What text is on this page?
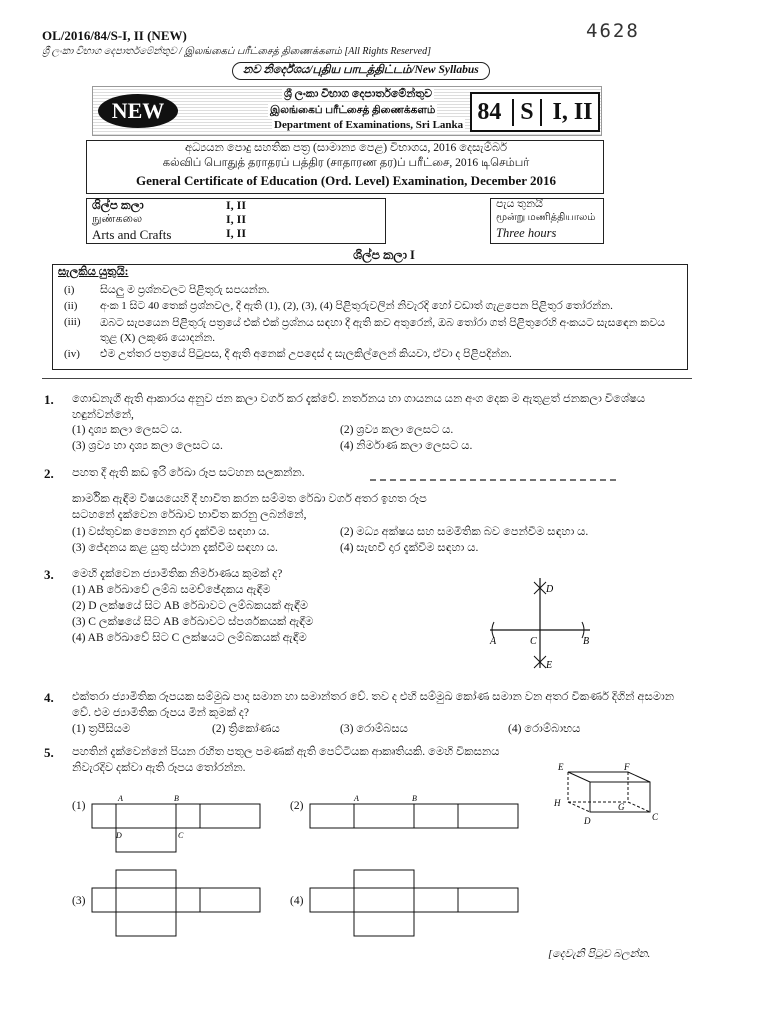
OL/2016/84/S-I, II (NEW)	4628
ශ්‍රී ලංකා විභාග දෙපාර්තමේන්තුව / இலங்கைப் பரீட்சைத் திணைக்களம் [All Rights Reserved]
නව නිර්දේශය/புதிய பாடத்திட்டம்/New Syllabus
NEW
ශ්‍රී ලංකා විභාග දෙපාර්තමේන්තුව
இலங்கைப் பரீட்சைத் திணைக்களம்
Department of Examinations, Sri Lanka
84 S I, II
අධ්‍යයන පොදු සහතික පත්‍ර (සාමාන්‍ය පෙළ) විභාගය, 2016 දෙසැම්බර්
கல்விப் பொதுத் தராதரப் பத்திர (சாதாரண தர)ப் பரீட்சை, 2016 டிசெம்பர்
General Certificate of Education (Ord. Level) Examination, December 2016
ශිල්ප කලා	I, II
நுண்கலை	I, II
Arts and Crafts	I, II
පැය තුනයි
மூன்று மணித்தியாலம்
Three hours
ශිල්ප කලා I
සැලකිය යුතුයි:
(i) සියලු ම ප්‍රශ්නවලට පිළිතුරු සපයන්න.
(ii) අංක 1 සිට 40 තෙක් ප්‍රශ්නවල, දී ඇති (1), (2), (3), (4) පිළිතුරුවලින් නිවැරදි හෝ වඩාත් ගැළපෙන පිළිතුර තෝරන්න.
(iii) ඔබට සැපයෙන පිළිතුරු පත්‍රයේ එක් එක් ප්‍රශ්නය සඳහා දී ඇති කව අතුරෙන්, ඔබ තෝරා ගත් පිළිතුරෙහි අංකයට සැසඳෙන කවය තුළ (X) ලකුණ යොදන්න.
(iv) එම උත්තර පත්‍රයේ පිටුපස, දී ඇති අනෙක් උපදෙස් ද සැලකිල්ලෙන් කියවා, ඒවා ද පිළිපදින්න.
1. ගොඩනැගී ඇති ආකාරය අනුව ජන කලා වර්ග කර දැක්වේ. නර්තනය හා ගායනය යන අංග දෙක ම ඇතුළත් ජනකලා විශේෂය හඳුන්වන්නේ,
(1) දෘශ්‍ය කලා ලෙසට ය.	(2) ශ්‍රව්‍ය කලා ලෙසට ය.
(3) ශ්‍රව්‍ය හා දෘශ්‍ය කලා ලෙසට ය.	(4) නිර්මාණ කලා ලෙසට ය.
2. පහත දී ඇති කඩ ඉරි රේඛා රූප සටහන සලකන්න.
කාර්මික ඇඳීම විෂයයෙහි දී භාවිත කරන සම්මත රේඛා වර්ග අතර ඉහත රූප සටහනේ දැක්වෙන රේඛාව භාවිත කරනු ලබන්නේ,
(1) වස්තුවක පෙනෙන දාර දැක්වීම සඳහා ය.	(2) මධ්‍ය අක්ෂය සහ සමමිතික බව පෙන්වීම සඳහා ය.
(3) ජේදනය කළ යුතු ස්ථාන දැක්වීම සඳහා ය.	(4) සැඟවී දාර දැක්වීම සඳහා ය.
3. මෙහි දැක්වෙන ජ්‍යාමිතික නිර්මාණය කුමක් ද?
(1) AB රේඛාවේ ලම්බ සමච්ඡේදකය ඇඳීම
(2) D ලක්ෂයේ සිට AB රේඛාවට ලම්බකයක් ඇඳීම
(3) C ලක්ෂයේ සිට AB රේඛාවට ස්පර්ශකයක් ඇඳීම
(4) AB රේඛාවේ සිට C ලක්ෂයට ලම්බකයක් ඇඳීම	A	B
C
D
E
4. එක්තරා ජ්‍යාමිතික රූපයක සම්මුඛ පාද සමාන හා සමාන්තර වේ. තව ද එහි සම්මුඛ කෝණ සමාන වන අතර විකර්ණ දිගින් අසමාන වේ. එම ජ්‍යාමිතික රූපය මින් කුමක් ද?
(1) ත්‍රපීසියම	(2) ත්‍රිකෝණය	(3) රොම්බසය	(4) රොම්බාභය
5. පහතින් දැක්වෙන්නේ පියන රහිත පතුල පමණක් ඇති පෙට්ටියක ආකෘතියකි. මෙහි විකසනය නිවැරදිව දක්වා ඇති රූපය තෝරන්න.	E	F
H	G
C
D
(1)
A	B
C
D
(2)
A	B
(3)	(4)
[දෙවැනි පිටුව බලන්න.
